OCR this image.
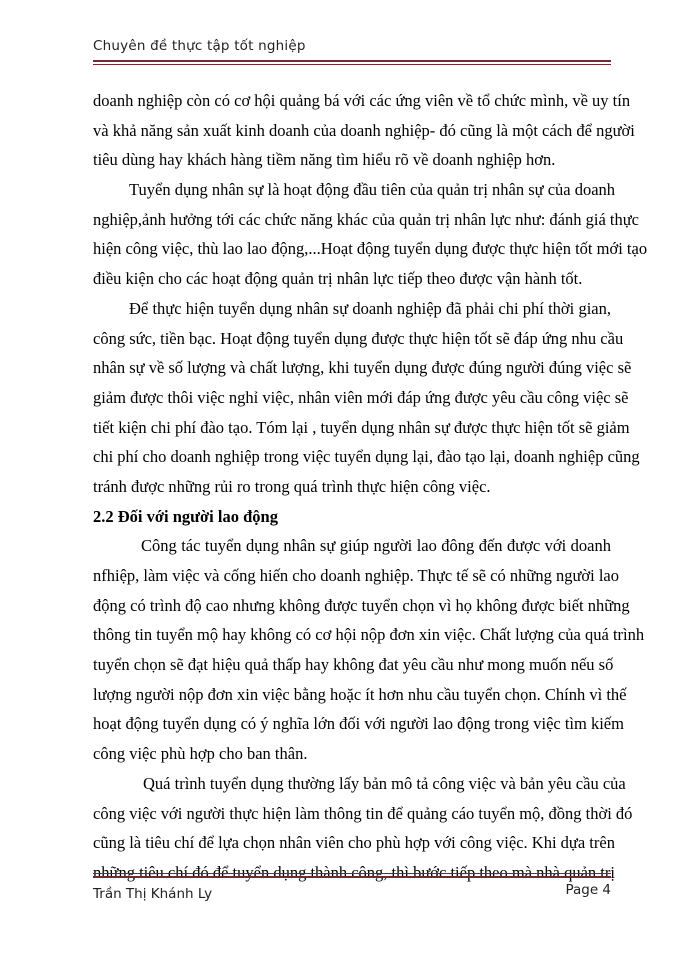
Chuyên đề thực tập tốt nghiệp
doanh nghiệp còn có cơ hội quảng bá với các ứng viên về tổ chức mình, về uy tín
và khả năng sản xuất kinh doanh của doanh nghiệp- đó cũng là một cách để người
tiêu dùng hay khách hàng tiềm năng tìm hiểu rõ về doanh nghiệp hơn.
Tuyển dụng nhân sự là hoạt động đầu tiên của quản trị nhân sự của doanh
nghiệp,ảnh hưởng tới các chức năng khác của quản trị nhân lực như: đánh giá thực
hiện công việc, thù lao lao động,...Hoạt động tuyển dụng được thực hiện tốt mới tạo
điều kiện cho các hoạt động quản trị nhân lực tiếp theo được vận hành tốt.
Để thực hiện tuyển dụng nhân sự doanh nghiệp đã phải chi phí thời gian,
công sức, tiền bạc. Hoạt động tuyển dụng được thực hiện tốt sẽ đáp ứng nhu cầu
nhân sự về số lượng và chất lượng, khi tuyển dụng được đúng người đúng việc sẽ
giảm được thôi việc nghỉ việc, nhân viên mới đáp ứng được yêu cầu công việc sẽ
tiết kiện chi phí đào tạo. Tóm lại , tuyển dụng nhân sự được thực hiện tốt sẽ giảm
chi phí cho doanh nghiệp trong việc tuyển dụng lại, đào tạo lại, doanh nghiệp cũng
tránh được những rủi ro trong quá trình thực hiện công việc.
2.2 Đối với người lao động
Công tác tuyển dụng nhân sự giúp người lao đông đến được với doanh
nfhiệp, làm việc và cống hiến cho doanh nghiệp. Thực tế sẽ có những người lao
động có trình độ cao nhưng không được tuyển chọn vì họ không được biết những
thông tin tuyển mộ hay không có cơ hội nộp đơn xin việc. Chất lượng của quá trình
tuyển chọn sẽ đạt hiệu quả thấp hay không đat yêu cầu như mong muốn nếu số
lượng người nộp đơn xin việc bằng hoặc ít hơn nhu cầu tuyển chọn. Chính vì thế
hoạt động tuyển dụng có ý nghĩa lớn đối với người lao động trong việc tìm kiếm
công việc phù hợp cho ban thân.
Quá trình tuyển dụng thường lấy bản mô tả công việc và bản yêu cầu của
công việc với người thực hiện làm thông tin để quảng cáo tuyển mộ, đồng thời đó
cũng là tiêu chí để lựa chọn nhân viên cho phù hợp với công việc. Khi dựa trên
những tiêu chí đó để tuyển dụng thành công, thì bước tiếp theo mà nhà quản trị
Trần Thị Khánh Ly	Page 4
